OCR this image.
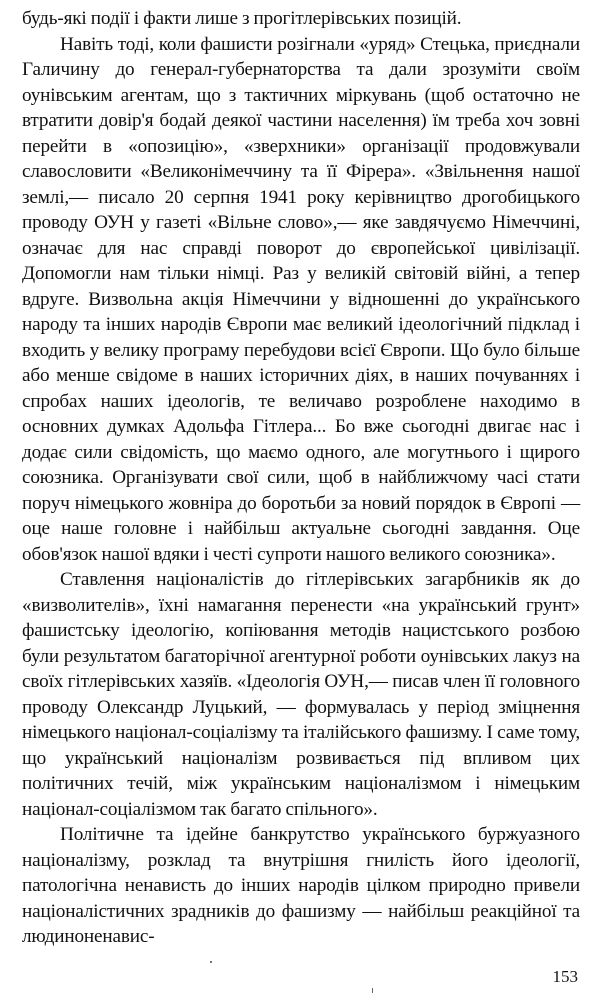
будь-які події і факти лише з прогітлерівських позицій.

Навіть тоді, коли фашисти розігнали «уряд» Стецька, приєднали Галичину до генерал-губернаторства та дали зрозуміти своїм оунівським агентам, що з тактичних міркувань (щоб остаточно не втратити довір'я бодай деякої частини населення) їм треба хоч зовні перейти в «опозицію», «зверхники» організації продовжували славословити «Великонімеччину та її Фірера». «Звільнення нашої землі,— писало 20 серпня 1941 року керівництво дрогобицького проводу ОУН у газеті «Вільне слово»,— яке завдячуємо Німеччині, означає для нас справді поворот до європейської цивілізації. Допомогли нам тільки німці. Раз у великій світовій війні, а тепер вдруге. Визвольна акція Німеччини у відношенні до українського народу та інших народів Європи має великий ідеологічний підклад і входить у велику програму перебудови всієї Європи. Що було більше або менше свідоме в наших історичних діях, в наших почуваннях і спробах наших ідеологів, те величаво розроблене находимо в основних думках Адольфа Гітлера... Бо вже сьогодні двигає нас і додає сили свідомість, що маємо одного, але могутнього і щирого союзника. Організувати свої сили, щоб в найближчому часі стати поруч німецького жовніра до боротьби за новий порядок в Європі — оце наше головне і найбільш актуальне сьогодні завдання. Оце обов'язок нашої вдяки і честі супроти нашого великого союзника».

Ставлення націоналістів до гітлерівських загарбників як до «визволителів», їхні намагання перенести «на український грунт» фашистську ідеологію, копіювання методів нацистського розбою були результатом багаторічної агентурної роботи оунівських лакуз на своїх гітлерівських хазяїв. «Ідеологія ОУН,— писав член її головного проводу Олександр Луцький, — формувалась у період зміцнення німецького націонал-соціалізму та італійського фашизму. І саме тому, що український націоналізм розвивається під впливом цих політичних течій, між українським націоналізмом і німецьким націонал-соціалізмом так багато спільного».

Політичне та ідейне банкрутство українського буржуазного націоналізму, розклад та внутрішня гнилість його ідеології, патологічна ненависть до інших народів цілком природно привели націоналістичних зрадників до фашизму — найбільш реакційної та людиноненавис-

153
